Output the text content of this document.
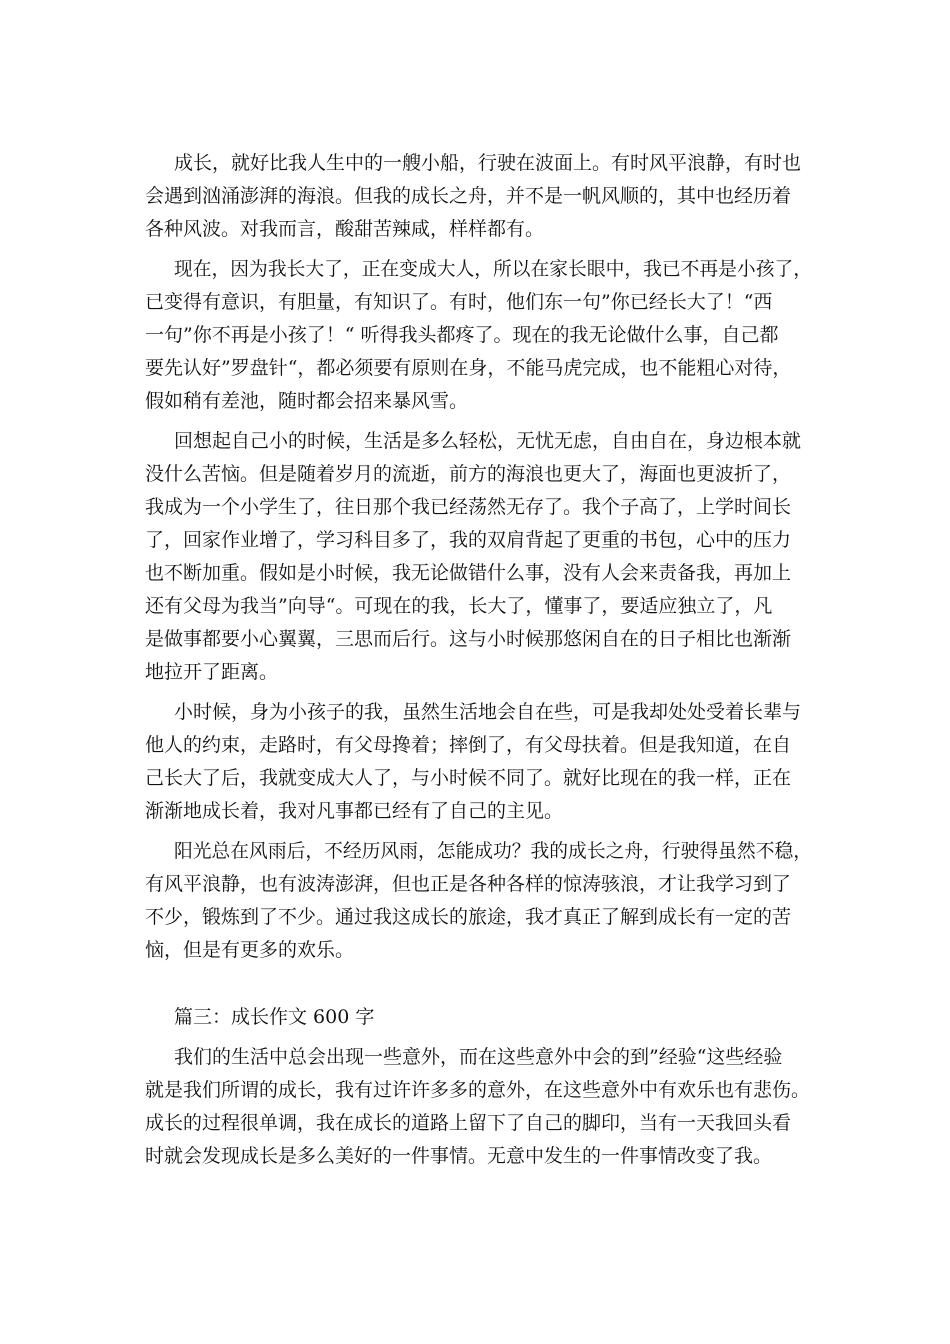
成长，就好比我人生中的一艘小船，行驶在波面上。有时风平浪静，有时也

会遇到汹涌澎湃的海浪。但我的成长之舟，并不是一帆风顺的，其中也经历着

各种风波。对我而言，酸甜苦辣咸，样样都有。

现在，因为我长大了，正在变成大人，所以在家长眼中，我已不再是小孩了，

已变得有意识，有胆量，有知识了。有时，他们东一句”你已经长大了！“西

一句”你不再是小孩了！“ 听得我头都疼了。现在的我无论做什么事，自己都

要先认好”罗盘针“，都必须要有原则在身，不能马虎完成，也不能粗心对待，

假如稍有差池，随时都会招来暴风雪。

回想起自己小的时候，生活是多么轻松，无忧无虑，自由自在，身边根本就

没什么苦恼。但是随着岁月的流逝，前方的海浪也更大了，海面也更波折了，

我成为一个小学生了，往日那个我已经荡然无存了。我个子高了，上学时间长

了，回家作业增了，学习科目多了，我的双肩背起了更重的书包，心中的压力

也不断加重。假如是小时候，我无论做错什么事，没有人会来责备我，再加上

还有父母为我当”向导“。可现在的我，长大了，懂事了，要适应独立了，凡

是做事都要小心翼翼，三思而后行。这与小时候那悠闲自在的日子相比也渐渐

地拉开了距离。

小时候，身为小孩子的我，虽然生活地会自在些，可是我却处处受着长辈与

他人的约束，走路时，有父母搀着；摔倒了，有父母扶着。但是我知道，在自

己长大了后，我就变成大人了，与小时候不同了。就好比现在的我一样，正在

渐渐地成长着，我对凡事都已经有了自己的主见。

阳光总在风雨后，不经历风雨，怎能成功？我的成长之舟，行驶得虽然不稳，

有风平浪静，也有波涛澎湃，但也正是各种各样的惊涛骇浪，才让我学习到了

不少，锻炼到了不少。通过我这成长的旅途，我才真正了解到成长有一定的苦

恼，但是有更多的欢乐。

篇三：成长作文 600 字

我们的生活中总会出现一些意外，而在这些意外中会的到”经验“这些经验

就是我们所谓的成长，我有过许许多多的意外，在这些意外中有欢乐也有悲伤。

成长的过程很单调，我在成长的道路上留下了自己的脚印，当有一天我回头看

时就会发现成长是多么美好的一件事情。无意中发生的一件事情改变了我。
